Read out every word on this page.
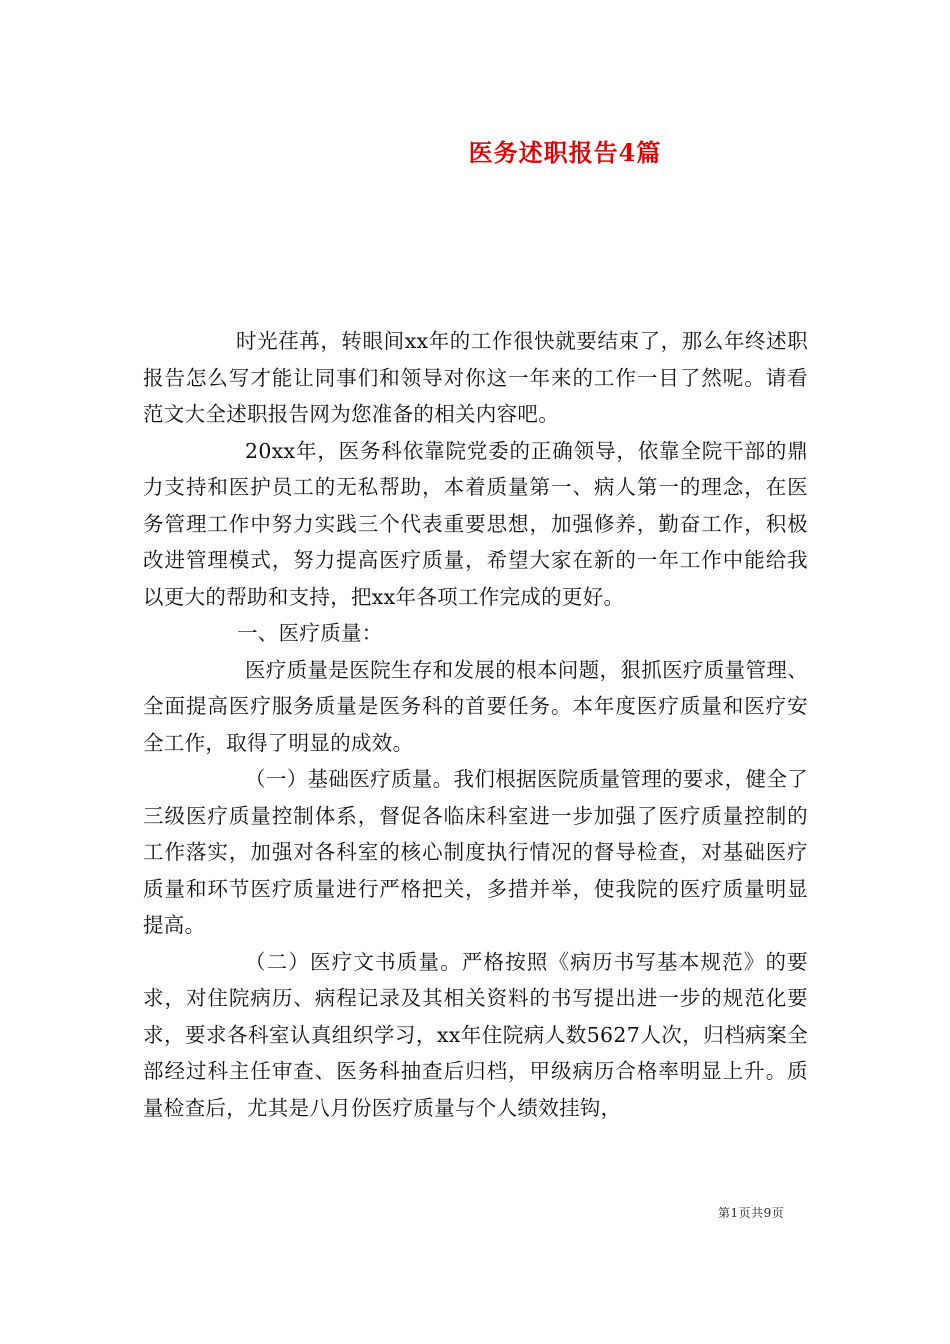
医务述职报告4篇

时光荏苒，转眼间xx年的工作很快就要结束了，那么年终述职报告怎么写才能让同事们和领导对你这一年来的工作一目了然呢。请看范文大全述职报告网为您准备的相关内容吧。

20xx年，医务科依靠院党委的正确领导，依靠全院干部的鼎力支持和医护员工的无私帮助，本着质量第一、病人第一的理念，在医务管理工作中努力实践三个代表重要思想，加强修养，勤奋工作，积极改进管理模式，努力提高医疗质量，希望大家在新的一年工作中能给我以更大的帮助和支持，把xx年各项工作完成的更好。

一、医疗质量：

医疗质量是医院生存和发展的根本问题，狠抓医疗质量管理、全面提高医疗服务质量是医务科的首要任务。本年度医疗质量和医疗安全工作，取得了明显的成效。

（一）基础医疗质量。我们根据医院质量管理的要求，健全了三级医疗质量控制体系，督促各临床科室进一步加强了医疗质量控制的工作落实，加强对各科室的核心制度执行情况的督导检查，对基础医疗质量和环节医疗质量进行严格把关，多措并举，使我院的医疗质量明显提高。

（二）医疗文书质量。严格按照《病历书写基本规范》的要求，对住院病历、病程记录及其相关资料的书写提出进一步的规范化要求，要求各科室认真组织学习，xx年住院病人数5627人次，归档病案全部经过科主任审查、医务科抽查后归档，甲级病历合格率明显上升。质量检查后，尤其是八月份医疗质量与个人绩效挂钩，

第1页共9页
